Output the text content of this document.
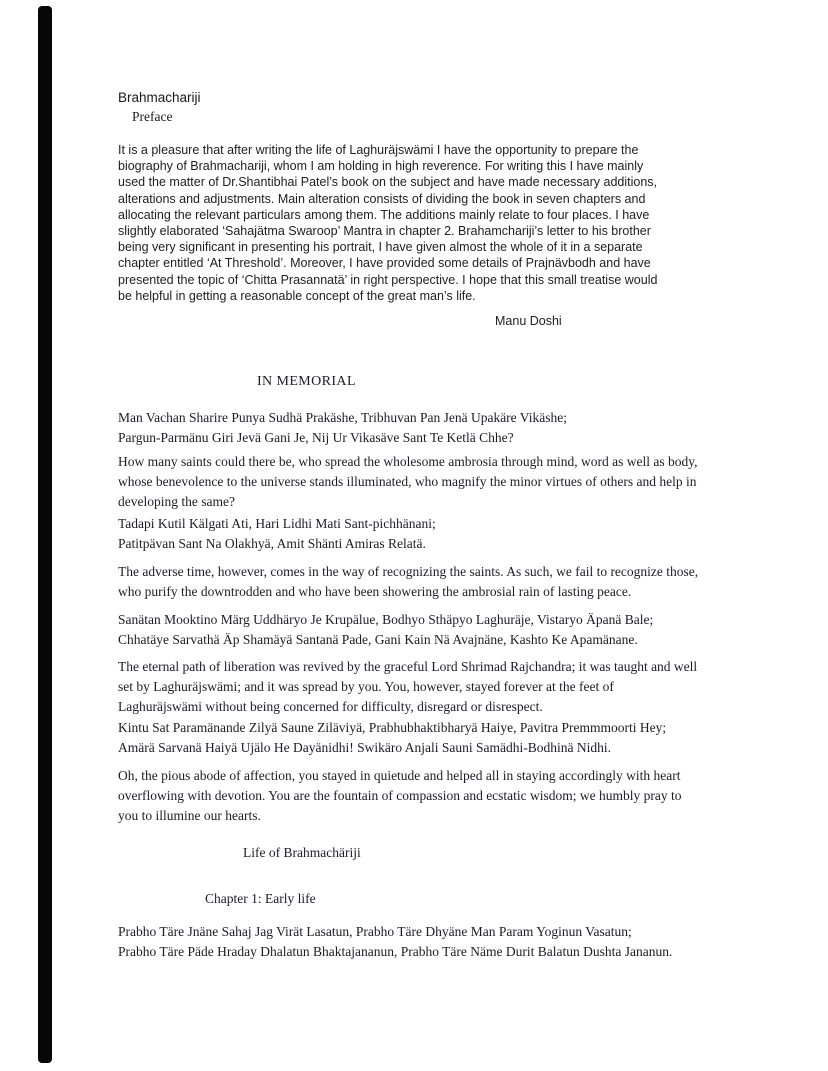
Brahmachariji
Preface
It is a pleasure that after writing the life of Laghuräjswämi I have the opportunity to prepare the
biography of Brahmachariji, whom I am holding in high reverence. For writing this I have mainly
used the matter of Dr.Shantibhai Patel’s book on the subject and have made necessary additions,
alterations and adjustments. Main alteration consists of dividing the book in seven chapters and
allocating the relevant particulars among them. The additions mainly relate to four places. I have
slightly elaborated ‘Sahajätma Swaroop’ Mantra in chapter 2. Brahamchariji’s letter to his brother
being very significant in presenting his portrait, I have given almost the whole of it in a separate
chapter entitled ‘At Threshold’. Moreover, I have provided some details of Prajnävbodh and have
presented the topic of ‘Chitta Prasannatä’ in right perspective. I hope that this small treatise would
be helpful in getting a reasonable concept of the great man’s life.
Manu Doshi
IN MEMORIAL
Man Vachan Sharire Punya Sudhä Prakäshe, Tribhuvan Pan Jenä Upakäre Vikäshe;
Pargun-Parmänu Giri Jevä Gani Je, Nij Ur Vikasäve Sant Te Ketlä Chhe?
How many saints could there be, who spread the wholesome ambrosia through mind, word as well as body,
whose benevolence to the universe stands illuminated, who magnify the minor virtues of others and help in
developing the same?
Tadapi Kutil Kälgati Ati, Hari Lidhi Mati Sant-pichhänani;
Patitpävan Sant Na Olakhyä, Amit Shänti Amiras Relatä.
The adverse time, however, comes in the way of recognizing the saints. As such, we fail to recognize those,
who purify the downtrodden and who have been showering the ambrosial rain of lasting peace.
Sanätan Mooktino Märg Uddhäryo Je Krupälue, Bodhyo Sthäpyo Laghuräje, Vistaryo Äpanä Bale;
Chhatäye Sarvathä Äp Shamäyä Santanä Pade, Gani Kain Nä Avajnäne, Kashto Ke Apamänane.
The eternal path of liberation was revived by the graceful Lord Shrimad Rajchandra; it was taught and well
set by Laghuräjswämi; and it was spread by you. You, however, stayed forever at the feet of
Laghuräjswämi without being concerned for difficulty, disregard or disrespect.
Kintu Sat Paramänande Zilyä Saune Ziläviyä, Prabhubhaktibharyä Haiye, Pavitra Premmmoorti Hey;
Amärä Sarvanä Haiyä Ujälo He Dayänidhi! Swikäro Anjali Sauni Samädhi-Bodhinä Nidhi.
Oh, the pious abode of affection, you stayed in quietude and helped all in staying accordingly with heart
overflowing with devotion. You are the fountain of compassion and ecstatic wisdom; we humbly pray to
you to illumine our hearts.
Life of Brahmachäriji
Chapter 1: Early life
Prabho Täre Jnäne Sahaj Jag Virät Lasatun, Prabho Täre Dhyäne Man Param Yoginun Vasatun;
Prabho Täre Päde Hraday Dhalatun Bhaktajananun, Prabho Täre Näme Durit Balatun Dushta Jananun.
